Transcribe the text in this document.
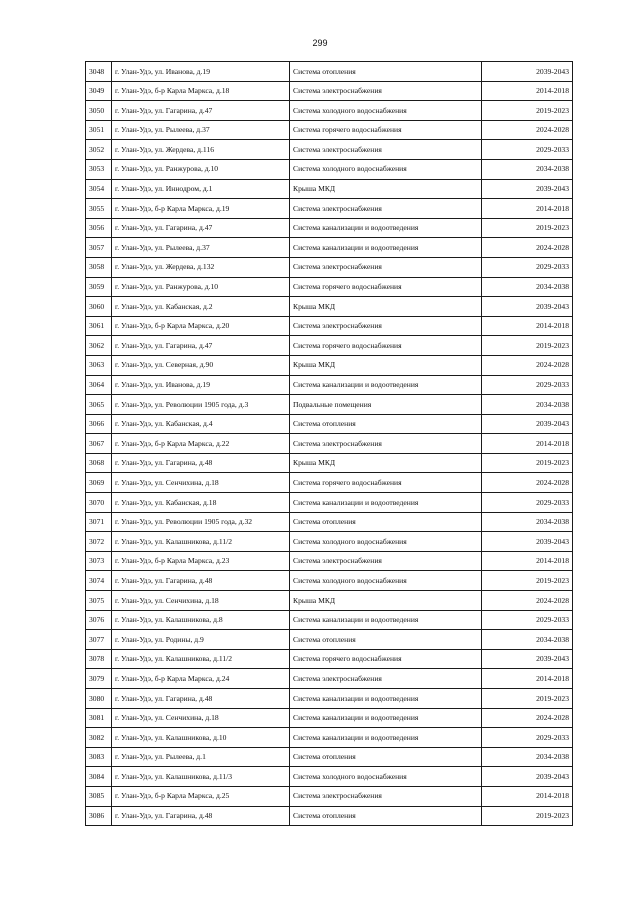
299
3048	г. Улан-Удэ, ул. Иванова, д.19	Система отопления	2039-2043
3049	г. Улан-Удэ, б-р Карла Маркса, д.18	Система электроснабжения	2014-2018
3050	г. Улан-Удэ, ул. Гагарина, д.47	Система холодного водоснабжения	2019-2023
3051	г. Улан-Удэ, ул. Рылеева, д.37	Система горячего водоснабжения	2024-2028
3052	г. Улан-Удэ, ул. Жердева, д.116	Система электроснабжения	2029-2033
3053	г. Улан-Удэ, ул. Ранжурова, д.10	Система холодного водоснабжения	2034-2038
3054	г. Улан-Удэ, ул. Иннодром, д.1	Крыша МКД	2039-2043
3055	г. Улан-Удэ, б-р Карла Маркса, д.19	Система электроснабжения	2014-2018
3056	г. Улан-Удэ, ул. Гагарина, д.47	Система канализации и водоотведения	2019-2023
3057	г. Улан-Удэ, ул. Рылеева, д.37	Система канализации и водоотведения	2024-2028
3058	г. Улан-Удэ, ул. Жердева, д.132	Система электроснабжения	2029-2033
3059	г. Улан-Удэ, ул. Ранжурова, д.10	Система горячего водоснабжения	2034-2038
3060	г. Улан-Удэ, ул. Кабанская, д.2	Крыша МКД	2039-2043
3061	г. Улан-Удэ, б-р Карла Маркса, д.20	Система электроснабжения	2014-2018
3062	г. Улан-Удэ, ул. Гагарина, д.47	Система горячего водоснабжения	2019-2023
3063	г. Улан-Удэ, ул. Северная, д.90	Крыша МКД	2024-2028
3064	г. Улан-Удэ, ул. Иванова, д.19	Система канализации и водоотведения	2029-2033
3065	г. Улан-Удэ, ул. Революции 1905 года, д.3	Подвальные помещения	2034-2038
3066	г. Улан-Удэ, ул. Кабанская, д.4	Система отопления	2039-2043
3067	г. Улан-Удэ, б-р Карла Маркса, д.22	Система электроснабжения	2014-2018
3068	г. Улан-Удэ, ул. Гагарина, д.48	Крыша МКД	2019-2023
3069	г. Улан-Удэ, ул. Сенчихина, д.18	Система горячего водоснабжения	2024-2028
3070	г. Улан-Удэ, ул. Кабанская, д.18	Система канализации и водоотведения	2029-2033
3071	г. Улан-Удэ, ул. Революции 1905 года, д.32	Система отопления	2034-2038
3072	г. Улан-Удэ, ул. Калашникова, д.11/2	Система холодного водоснабжения	2039-2043
3073	г. Улан-Удэ, б-р Карла Маркса, д.23	Система электроснабжения	2014-2018
3074	г. Улан-Удэ, ул. Гагарина, д.48	Система холодного водоснабжения	2019-2023
3075	г. Улан-Удэ, ул. Сенчихина, д.18	Крыша МКД	2024-2028
3076	г. Улан-Удэ, ул. Калашникова, д.8	Система канализации и водоотведения	2029-2033
3077	г. Улан-Удэ, ул. Родины, д.9	Система отопления	2034-2038
3078	г. Улан-Удэ, ул. Калашникова, д.11/2	Система горячего водоснабжения	2039-2043
3079	г. Улан-Удэ, б-р Карла Маркса, д.24	Система электроснабжения	2014-2018
3080	г. Улан-Удэ, ул. Гагарина, д.48	Система канализации и водоотведения	2019-2023
3081	г. Улан-Удэ, ул. Сенчихина, д.18	Система канализации и водоотведения	2024-2028
3082	г. Улан-Удэ, ул. Калашникова, д.10	Система канализации и водоотведения	2029-2033
3083	г. Улан-Удэ, ул. Рылеева, д.1	Система отопления	2034-2038
3084	г. Улан-Удэ, ул. Калашникова, д.11/3	Система холодного водоснабжения	2039-2043
3085	г. Улан-Удэ, б-р Карла Маркса, д.25	Система электроснабжения	2014-2018
3086	г. Улан-Удэ, ул. Гагарина, д.48	Система отопления	2019-2023
